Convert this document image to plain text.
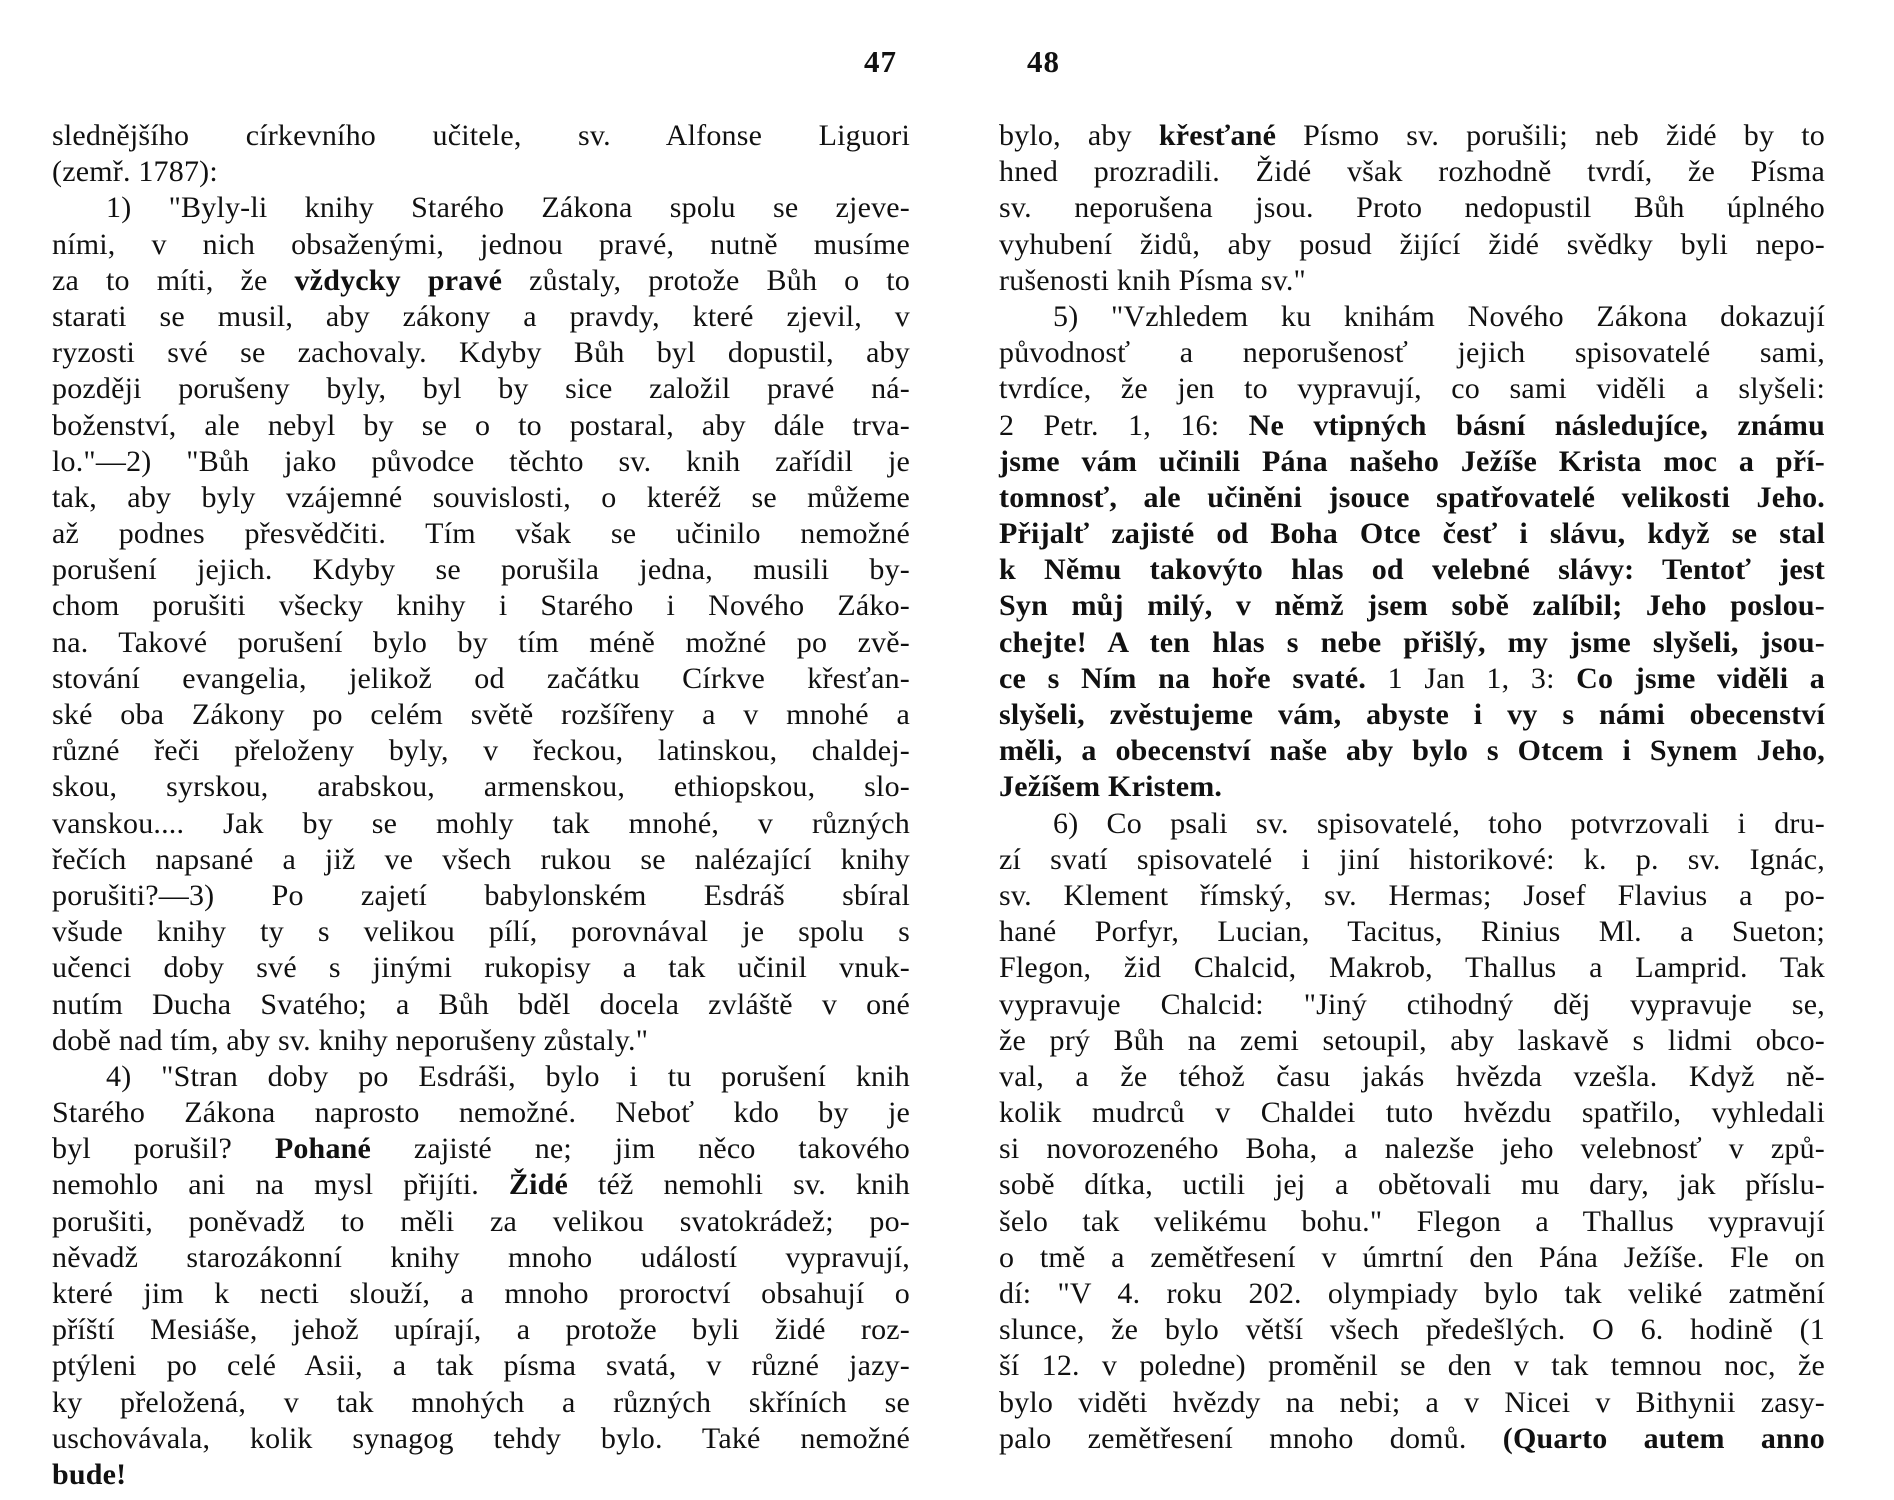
47
slednějšího církevního učitele, sv. Alfonse Liguori
(zemř. 1787):
1) "Byly-li knihy Starého Zákona spolu se zjeve-
ními, v nich obsaženými, jednou pravé, nutně musíme
za to míti, že vždycky pravé zůstaly, protože Bůh o to
starati se musil, aby zákony a pravdy, které zjevil, v
ryzosti své se zachovaly. Kdyby Bůh byl dopustil, aby
později porušeny byly, byl by sice založil pravé ná-
boženství, ale nebyl by se o to postaral, aby dále trva-
lo."—2) "Bůh jako původce těchto sv. knih zařídil je
tak, aby byly vzájemné souvislosti, o kteréž se můžeme
až podnes přesvědčiti. Tím však se učinilo nemožné
porušení jejich. Kdyby se porušila jedna, musili by-
chom porušiti všecky knihy i Starého i Nového Záko-
na. Takové porušení bylo by tím méně možné po zvě-
stování evangelia, jelikož od začátku Církve křesťan-
ské oba Zákony po celém světě rozšířeny a v mnohé a
různé řeči přeloženy byly, v řeckou, latinskou, chaldej-
skou, syrskou, arabskou, armenskou, ethiopskou, slo-
vanskou.... Jak by se mohly tak mnohé, v různých
řečích napsané a již ve všech rukou se nalézající knihy
porušiti?—3) Po zajetí babylonském Esdráš sbíral
všude knihy ty s velikou pílí, porovnával je spolu s
učenci doby své s jinými rukopisy a tak učinil vnuk-
nutím Ducha Svatého; a Bůh bděl docela zvláště v oné
době nad tím, aby sv. knihy neporušeny zůstaly."
4) "Stran doby po Esdráši, bylo i tu porušení knih
Starého Zákona naprosto nemožné. Neboť kdo by je
byl porušil? Pohané zajisté ne; jim něco takového
nemohlo ani na mysl přijíti. Židé též nemohli sv. knih
porušiti, poněvadž to měli za velikou svatokrádež; po-
něvadž starozákonní knihy mnoho událostí vypravují,
které jim k necti slouží, a mnoho proroctví obsahují o
příští Mesiáše, jehož upírají, a protože byli židé roz-
ptýleni po celé Asii, a tak písma svatá, v různé jazy-
ky přeložená, v tak mnohých a různých skříních se
uschovávala, kolik synagog tehdy bylo. Také nemožné
bude!
48
bylo, aby křesťané Písmo sv. porušili; neb židé by to
hned prozradili. Židé však rozhodně tvrdí, že Písma
sv. neporušena jsou. Proto nedopustil Bůh úplného
vyhubení židů, aby posud žijící židé svědky byli nepo-
rušenosti knih Písma sv."
5) "Vzhledem ku knihám Nového Zákona dokazují
původnosť a neporušenosť jejich spisovatelé sami,
tvrdíce, že jen to vypravují, co sami viděli a slyšeli:
2 Petr. 1, 16: Ne vtipných básní následujíce, známu
jsme vám učinili Pána našeho Ježíše Krista moc a pří-
tomnosť, ale učiněni jsouce spatřovatelé velikosti Jeho.
Přijalť zajisté od Boha Otce česť i slávu, když se stal
k Němu takovýto hlas od velebné slávy: Tentoť jest
Syn můj milý, v němž jsem sobě zalíbil; Jeho poslou-
chejte! A ten hlas s nebe přišlý, my jsme slyšeli, jsou-
ce s Ním na hoře svaté. 1 Jan 1, 3: Co jsme viděli a
slyšeli, zvěstujeme vám, abyste i vy s námi obecenství
měli, a obecenství naše aby bylo s Otcem i Synem Jeho,
Ježíšem Kristem.
6) Co psali sv. spisovatelé, toho potvrzovali i dru-
zí svatí spisovatelé i jiní historikové: k. p. sv. Ignác,
sv. Klement římský, sv. Hermas; Josef Flavius a po-
hané Porfyr, Lucian, Tacitus, Rinius Ml. a Sueton;
Flegon, žid Chalcid, Makrob, Thallus a Lamprid. Tak
vypravuje Chalcid: "Jiný ctihodný děj vypravuje se,
že prý Bůh na zemi setoupil, aby laskavě s lidmi obco-
val, a že téhož času jakás hvězda vzešla. Když ně-
kolik mudrců v Chaldei tuto hvězdu spatřilo, vyhledali
si novorozeného Boha, a nalezše jeho velebnosť v způ-
sobě dítka, uctili jej a obětovali mu dary, jak příslu-
šelo tak velikému bohu." Flegon a Thallus vypravují
o tmě a zemětřesení v úmrtní den Pána Ježíše. Fle on
dí: "V 4. roku 202. olympiady bylo tak veliké zatmění
slunce, že bylo větší všech předešlých. O 6. hodině (1
ší 12. v poledne) proměnil se den v tak temnou noc, že
bylo viděti hvězdy na nebi; a v Nicei v Bithynii zasy-
palo zemětřesení mnoho domů. (Quarto autem anno
